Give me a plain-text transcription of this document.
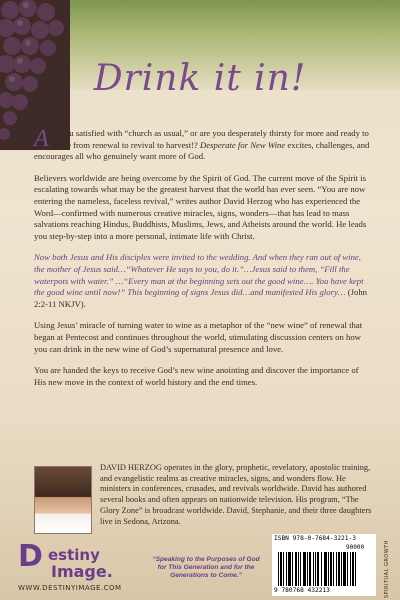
Drink it in!

Are you satisfied with “church as usual,” or are you desperately thirsty for more and ready to move from renewal to revival to harvest!? Desperate for New Wine excites, challenges, and encourages all who genuinely want more of God.

Believers worldwide are being overcome by the Spirit of God. The current move of the Spirit is escalating towards what may be the greatest harvest that the world has ever seen. “You are now entering the nameless, faceless revival,” writes author David Herzog who has experienced the Word—confirmed with numerous creative miracles, signs, wonders—that has lead to mass salvations reaching Hindus, Buddhists, Muslims, Jews, and Atheists around the world. He leads you step-by-step into a more personal, intimate life with Christ.

Now both Jesus and His disciples were invited to the wedding. And when they ran out of wine, the mother of Jesus said…“Whatever He says to you, do it.”…Jesus said to them, “Fill the waterpots with water.” …“Every man at the beginning sets out the good wine…. You have kept the good wine until now!” This beginning of signs Jesus did…and manifested His glory… (John 2:2-11 NKJV).

Using Jesus’ miracle of turning water to wine as a metaphor of the “new wine” of renewal that began at Pentecost and continues throughout the world, stimulating discussion centers on how you can drink in the new wine of God’s supernatural presence and love.

You are handed the keys to receive God’s new wine anointing and discover the importance of His new move in the context of world history and the end times.

DAVID HERZOG operates in the glory, prophetic, revelatory, apostolic training, and evangelistic realms as creative miracles, signs, and wonders flow. He ministers in conferences, crusades, and revivals worldwide. David has authored several books and often appears on nationwide television. His program, “The Glory Zone” is broadcast worldwide. David, Stephanie, and their three daughters live in Sedona, Arizona.
D estiny
Image.
WWW.DESTINYIMAGE.COM
“Speaking to the Purposes of God for This Generation and for the Generations to Come.”
ISBN 978-0-7684-3221-3
90000
9 780768 432213	SPIRITUAL GROWTH
